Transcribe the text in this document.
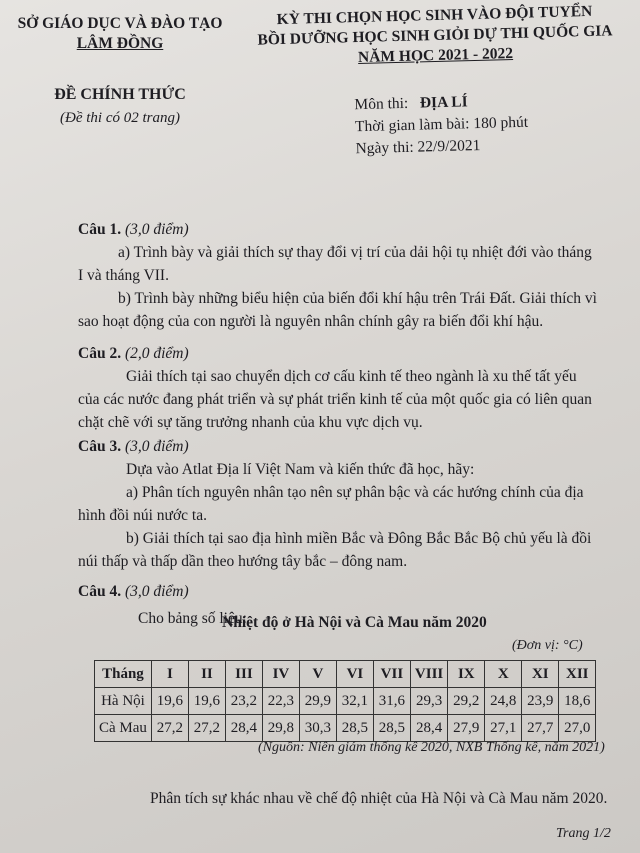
SỞ GIÁO DỤC VÀ ĐÀO TẠO
LÂM ĐỒNG
ĐỀ CHÍNH THỨC
(Đề thi có 02 trang)
KỲ THI CHỌN HỌC SINH VÀO ĐỘI TUYỂN
BỒI DƯỠNG HỌC SINH GIỎI DỰ THI QUỐC GIA
NĂM HỌC 2021 - 2022
Môn thi: ĐỊA LÍ
Thời gian làm bài: 180 phút
Ngày thi: 22/9/2021
Câu 1. (3,0 điểm)
a) Trình bày và giải thích sự thay đổi vị trí của dải hội tụ nhiệt đới vào tháng I và tháng VII.
b) Trình bày những biểu hiện của biến đổi khí hậu trên Trái Đất. Giải thích vì sao hoạt động của con người là nguyên nhân chính gây ra biến đổi khí hậu.
Câu 2. (2,0 điểm)
Giải thích tại sao chuyển dịch cơ cấu kinh tế theo ngành là xu thế tất yếu của các nước đang phát triển và sự phát triển kinh tế của một quốc gia có liên quan chặt chẽ với sự tăng trưởng nhanh của khu vực dịch vụ.
Câu 3. (3,0 điểm)
Dựa vào Atlat Địa lí Việt Nam và kiến thức đã học, hãy:
a) Phân tích nguyên nhân tạo nên sự phân bậc và các hướng chính của địa hình đồi núi nước ta.
b) Giải thích tại sao địa hình miền Bắc và Đông Bắc Bắc Bộ chủ yếu là đồi núi thấp và thấp dần theo hướng tây bắc – đông nam.
Câu 4. (3,0 điểm)
Cho bảng số liệu:
Nhiệt độ ở Hà Nội và Cà Mau năm 2020
(Đơn vị: °C)
Tháng	I	II	III	IV	V	VI	VII	VIII	IX	X	XI	XII
Hà Nội	19,6	19,6	23,2	22,3	29,9	32,1	31,6	29,3	29,2	24,8	23,9	18,6
Cà Mau	27,2	27,2	28,4	29,8	30,3	28,5	28,5	28,4	27,9	27,1	27,7	27,0
(Nguồn: Niên giám thống kê 2020, NXB Thống kê, năm 2021)
Phân tích sự khác nhau về chế độ nhiệt của Hà Nội và Cà Mau năm 2020.
Trang 1/2
